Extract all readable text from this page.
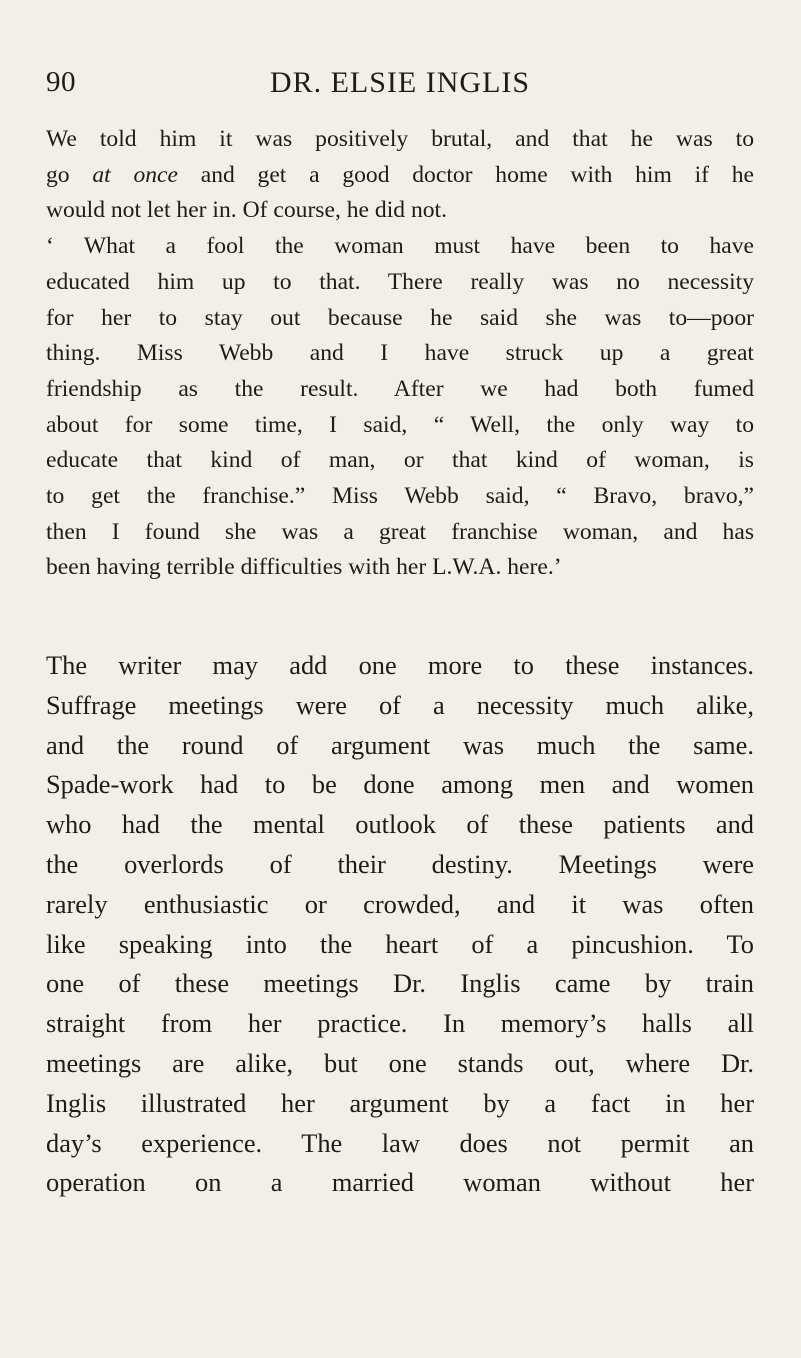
90	DR. ELSIE INGLIS
We told him it was positively brutal, and that he was to
go at once and get a good doctor home with him if he
would not let her in. Of course, he did not.
‘ What a fool the woman must have been to have
educated him up to that. There really was no necessity
for her to stay out because he said she was to—poor
thing. Miss Webb and I have struck up a great
friendship as the result. After we had both fumed
about for some time, I said, “ Well, the only way to
educate that kind of man, or that kind of woman, is
to get the franchise.” Miss Webb said, “ Bravo, bravo,”
then I found she was a great franchise woman, and has
been having terrible difficulties with her L.W.A. here.’
The writer may add one more to these instances.
Suffrage meetings were of a necessity much alike,
and the round of argument was much the same.
Spade-work had to be done among men and women
who had the mental outlook of these patients and
the overlords of their destiny. Meetings were
rarely enthusiastic or crowded, and it was often
like speaking into the heart of a pincushion. To
one of these meetings Dr. Inglis came by train
straight from her practice. In memory’s halls all
meetings are alike, but one stands out, where Dr.
Inglis illustrated her argument by a fact in her
day’s experience. The law does not permit an
operation on a married woman without her
